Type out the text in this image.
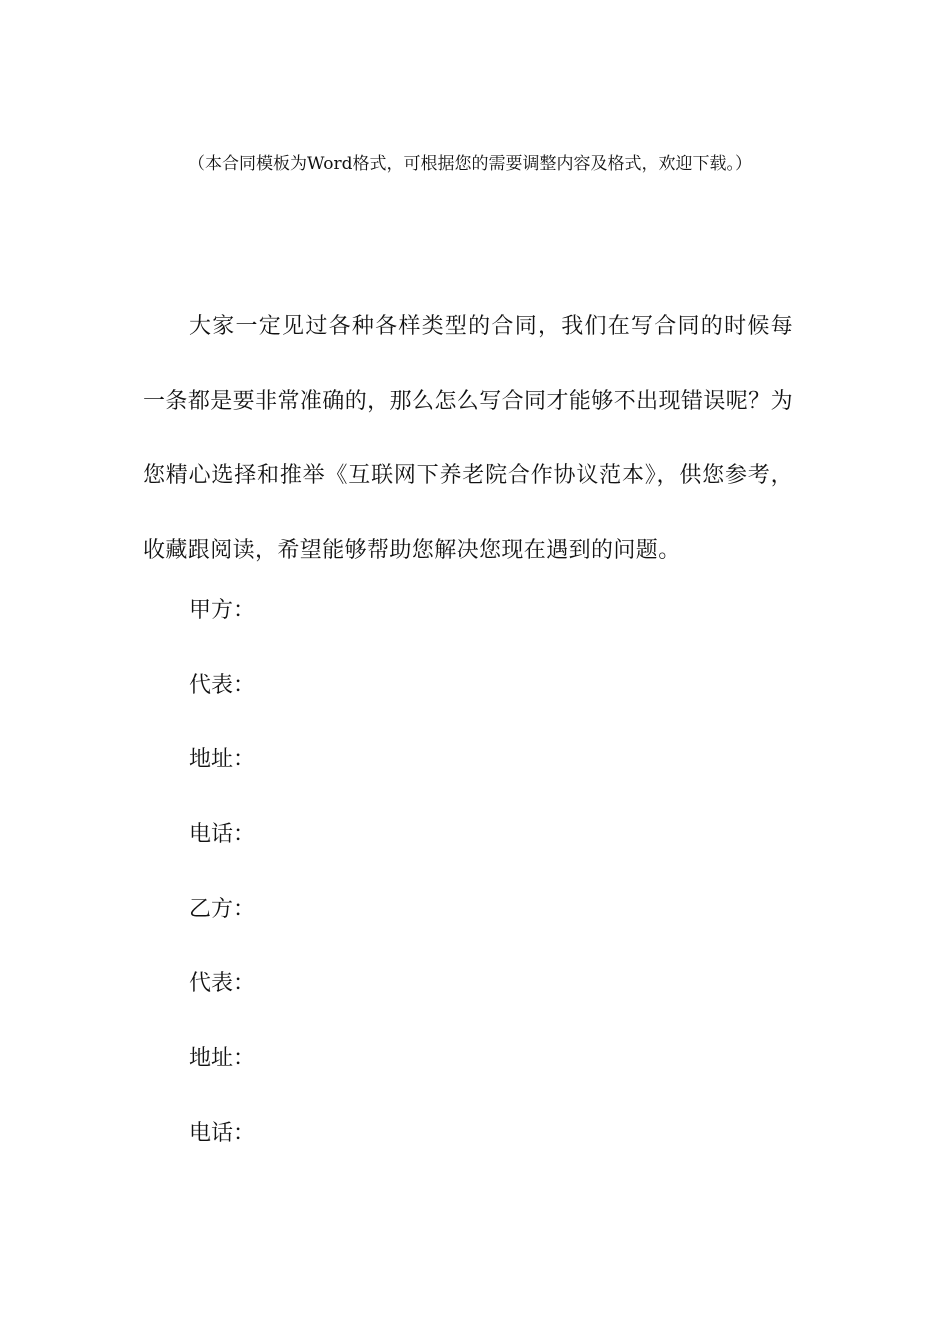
（本合同模板为Word格式，可根据您的需要调整内容及格式，欢迎下载。）

大家一定见过各种各样类型的合同，我们在写合同的时候每一条都是要非常准确的，那么怎么写合同才能够不出现错误呢？为您精心选择和推举《互联网下养老院合作协议范本》，供您参考，收藏跟阅读，希望能够帮助您解决您现在遇到的问题。

甲方：
代表：
地址：
电话：
乙方：
代表：
地址：
电话：
